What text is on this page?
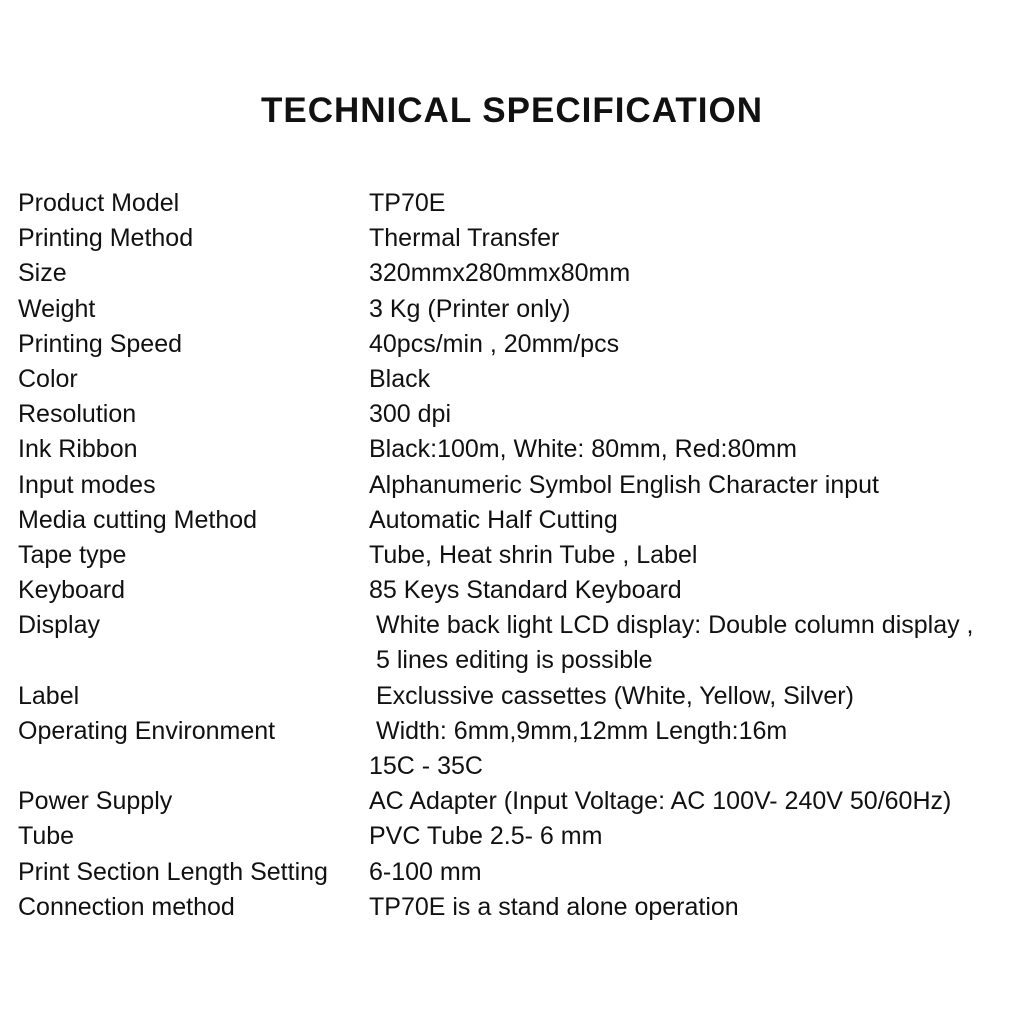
TECHNICAL SPECIFICATION
Product Model	TP70E
Printing Method	Thermal Transfer
Size	320mmx280mmx80mm
Weight	3 Kg (Printer only)
Printing Speed	40pcs/min , 20mm/pcs
Color	Black
Resolution	300 dpi
Ink Ribbon	Black:100m, White: 80mm, Red:80mm
Input modes	Alphanumeric Symbol English Character input
Media cutting Method	Automatic Half Cutting
Tape type	Tube, Heat shrin Tube , Label
Keyboard	85 Keys Standard Keyboard
Display	White back light LCD display: Double column display ,
5 lines editing is possible
Label	Exclussive cassettes (White, Yellow, Silver)
Operating Environment	Width: 6mm,9mm,12mm Length:16m
15C - 35C
Power Supply	AC Adapter (Input Voltage: AC 100V- 240V 50/60Hz)
Tube	PVC Tube 2.5- 6 mm
Print Section Length Setting	6-100 mm
Connection method	TP70E is a stand alone operation
